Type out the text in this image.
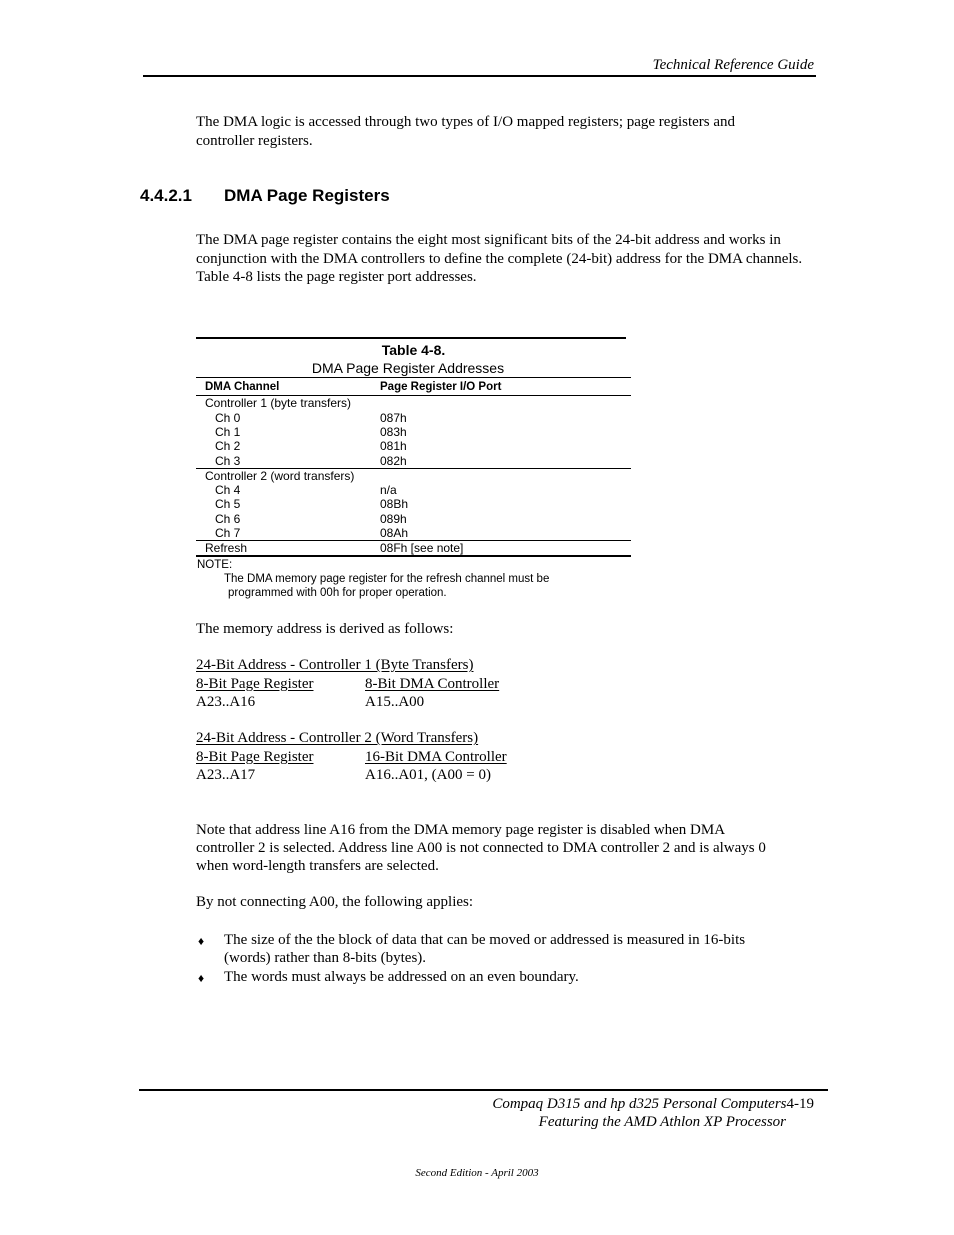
Technical Reference Guide
The DMA logic is accessed through two types of I/O mapped registers; page registers and controller registers.
4.4.2.1 DMA Page Registers
The DMA page register contains the eight most significant bits of the 24-bit address and works in conjunction with the DMA controllers to define the complete (24-bit) address for the DMA channels. Table 4-8 lists the page register port addresses.
Table 4-8.
DMA Page Register Addresses
DMA Channel	Page Register I/O Port
Controller 1 (byte transfers)
Ch 0	087h
Ch 1	083h
Ch 2	081h
Ch 3	082h
Controller 2 (word transfers)
Ch 4	n/a
Ch 5	08Bh
Ch 6	089h
Ch 7	08Ah
Refresh	08Fh [see note]
NOTE:
The DMA memory page register for the refresh channel must be
programmed with 00h for proper operation.
The memory address is derived as follows:
24-Bit Address - Controller 1 (Byte Transfers)
8-Bit Page Register	8-Bit DMA Controller
A23..A16	A15..A00
24-Bit Address - Controller 2 (Word Transfers)
8-Bit Page Register	16-Bit DMA Controller
A23..A17	A16..A01, (A00 = 0)
Note that address line A16 from the DMA memory page register is disabled when DMA
controller 2 is selected. Address line A00 is not connected to DMA controller 2 and is always 0
when word-length transfers are selected.
By not connecting A00, the following applies:
♦ The size of the the block of data that can be moved or addressed is measured in 16-bits
(words) rather than 8-bits (bytes).
♦ The words must always be addressed on an even boundary.
Compaq D315 and hp d325 Personal Computers4-19
Featuring the AMD Athlon XP Processor
Second Edition - April 2003
